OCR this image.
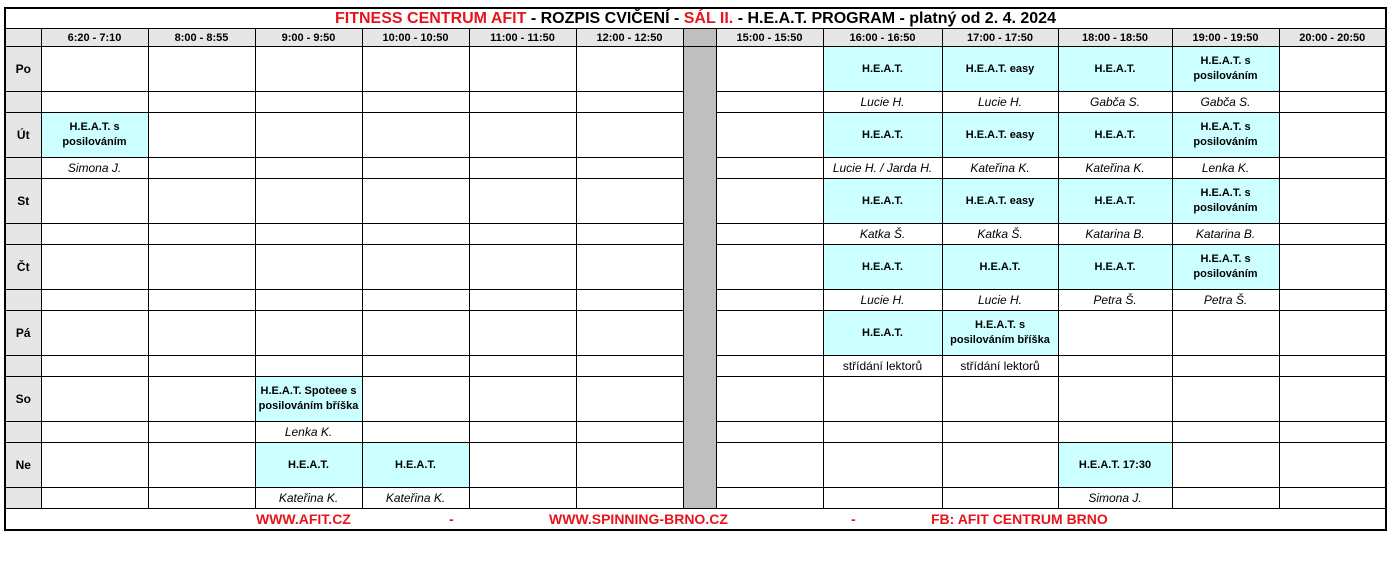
FITNESS CENTRUM AFIT - ROZPIS CVIČENÍ - SÁL II. - H.E.A.T. PROGRAM - platný od 2. 4. 2024													
	6:20 - 7:10	8:00 - 8:55	9:00 - 9:50	10:00 - 10:50	11:00 - 11:50	12:00 - 12:50		15:00 - 15:50	16:00 - 16:50	17:00 - 17:50	18:00 - 18:50	19:00 - 19:50	20:00 - 20:50
Po									H.E.A.T.	H.E.A.T. easy	H.E.A.T.	H.E.A.T. s posilováním	
									Lucie H.	Lucie H.	Gabča S.	Gabča S.	
Út	H.E.A.T. s posilováním								H.E.A.T.	H.E.A.T. easy	H.E.A.T.	H.E.A.T. s posilováním	
	Simona J.								Lucie H. / Jarda H.	Kateřina K.	Kateřina K.	Lenka K.	
St									H.E.A.T.	H.E.A.T. easy	H.E.A.T.	H.E.A.T. s posilováním	
									Katka Š.	Katka Š.	Katarina B.	Katarina B.	
Čt									H.E.A.T.	H.E.A.T.	H.E.A.T.	H.E.A.T. s posilováním	
									Lucie H.	Lucie H.	Petra Š.	Petra Š.	
Pá									H.E.A.T.	H.E.A.T. s posilováním bříška			
									střídání lektorů	střídání lektorů			
So			H.E.A.T. Spoteee s posilováním bříška										
			Lenka K.										
Ne			H.E.A.T.	H.E.A.T.							H.E.A.T. 17:30		
			Kateřina K.	Kateřina K.							Simona J.		

WWW.AFIT.CZ - WWW.SPINNING-BRNO.CZ - FB: AFIT CENTRUM BRNO													
